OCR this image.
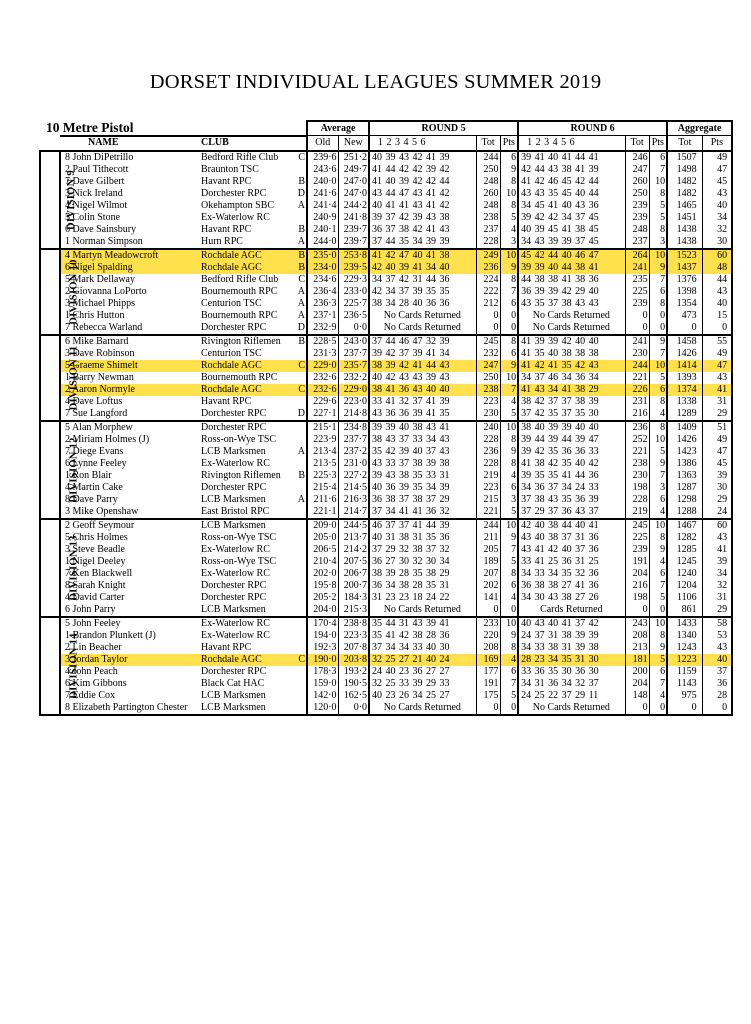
DORSET INDIVIDUAL LEAGUES SUMMER 2019
10 Metre Pistol				Average		ROUND 5			ROUND 6			Aggregate	
	NAME	CLUB		Old	New	1 2 3 4 5 6	Tot	Pts	1 2 3 4 5 6	Tot	Pts	Tot	Pts
DIVISION 9	8 John DiPetrillo	Bedford Rifle Club	C	239·6	251·2	40 39 43 42 41 39	244	6	39 41 40 41 44 41	246	6	1507	49
	2 Paul Tithecott	Braunton TSC		243·6	249·7	41 44 42 42 39 42	250	9	42 44 43 38 41 39	247	7	1498	47
	7 Dave Gilbert	Havant RPC	B	240·0	247·0	41 40 39 42 42 44	248	8	41 42 46 45 42 44	260	10	1482	45
	3 Nick Ireland	Dorchester RPC	D	241·6	247·0	43 44 47 43 41 42	260	10	43 43 35 45 40 44	250	8	1482	43
	4 Nigel Wilmot	Okehampton SBC	A	241·4	244·2	40 41 41 43 41 42	248	8	34 45 41 40 43 36	239	5	1465	40
	5 Colin Stone	Ex-Waterlow RC		240·9	241·8	39 37 42 39 43 38	238	5	39 42 42 34 37 45	239	5	1451	34
	6 Dave Sainsbury	Havant RPC	B	240·1	239·7	36 37 38 42 41 43	237	4	40 39 45 41 38 45	248	8	1438	32
	1 Norman Simpson	Hurn RPC	A	244·0	239·7	37 44 35 34 39 39	228	3	34 43 39 39 37 45	237	3	1438	30
DIVISION 10	4 Martyn Meadowcroft	Rochdale AGC	B	235·0	253·8	41 42 47 40 41 38	249	10	45 42 44 40 46 47	264	10	1523	60
	6 Nigel Spalding	Rochdale AGC	B	234·0	239·5	42 40 39 41 34 40	236	9	39 39 40 44 38 41	241	9	1437	48
	5 Mark Dellaway	Bedford Rifle Club	C	234·6	229·3	34 37 42 31 44 36	224	8	44 38 38 41 38 36	235	7	1376	44
	2 Giovanna LoPorto	Bournemouth RPC	A	236·4	233·0	42 34 37 39 35 35	222	7	36 39 39 42 29 40	225	6	1398	43
	3 Michael Phipps	Centurion TSC	A	236·3	225·7	38 34 28 40 36 36	212	6	43 35 37 38 43 43	239	8	1354	40
	1 Chris Hutton	Bournemouth RPC	A	237·1	236·5	No Cards Returned	0	0	No Cards Returned	0	0	473	15
	7 Rebecca Warland	Dorchester RPC	D	232·9	0·0	No Cards Returned	0	0	No Cards Returned	0	0	0	0
DIVISION 11	6 Mike Barnard	Rivington Riflemen	B	228·5	243·0	37 44 46 47 32 39	245	8	41 39 39 42 40 40	241	9	1458	55
	3 Dave Robinson	Centurion TSC		231·3	237·7	39 42 37 39 41 34	232	6	41 35 40 38 38 38	230	7	1426	49
	5 Graeme Shimelt	Rochdale AGC	C	229·0	235·7	38 39 42 41 44 43	247	9	41 42 41 35 42 43	244	10	1414	47
	1 Barry Newman	Bournemouth RPC		232·6	232·2	40 42 43 43 39 43	250	10	34 37 46 34 36 34	221	5	1393	43
	2 Aaron Normyle	Rochdale AGC	C	232·6	229·0	38 41 36 43 40 40	238	7	41 43 34 41 38 29	226	6	1374	41
	4 Dave Loftus	Havant RPC		229·6	223·0	33 41 32 37 41 39	223	4	38 42 37 37 38 39	231	8	1338	31
	7 Sue Langford	Dorchester RPC	D	227·1	214·8	43 36 36 39 41 35	230	5	37 42 35 37 35 30	216	4	1289	29
DIVISION 12	5 Alan Morphew	Dorchester RPC		215·1	234·8	39 39 40 38 43 41	240	10	38 40 39 39 40 40	236	8	1409	51
	2 Miriam Holmes (J)	Ross-on-Wye TSC		223·9	237·7	38 43 37 33 34 43	228	8	39 44 39 44 39 47	252	10	1426	49
	7 Diege Evans	LCB Marksmen	A	213·4	237·2	35 42 39 40 37 43	236	9	39 42 35 36 36 33	221	5	1423	47
	6 Lynne Feeley	Ex-Waterlow RC		213·5	231·0	43 33 37 38 39 38	228	8	41 38 42 35 40 42	238	9	1386	45
	1 Ron Blair	Rivington Riflemen	B	225·3	227·2	39 43 38 35 33 31	219	4	39 35 35 41 44 36	230	7	1363	39
	4 Martin Cake	Dorchester RPC		215·4	214·5	40 36 39 35 34 39	223	6	34 36 37 34 24 33	198	3	1287	30
	8 Dave Parry	LCB Marksmen	A	211·6	216·3	36 38 37 38 37 29	215	3	37 38 43 35 36 39	228	6	1298	29
	3 Mike Openshaw	East Bristol RPC		221·1	214·7	37 34 41 41 36 32	221	5	37 29 37 36 43 37	219	4	1288	24
DIVISION 13	2 Geoff Seymour	LCB Marksmen		209·0	244·5	46 37 37 41 44 39	244	10	42 40 38 44 40 41	245	10	1467	60
	5 Chris Holmes	Ross-on-Wye TSC		205·0	213·7	40 31 38 31 35 36	211	9	43 40 38 37 31 36	225	8	1282	43
	3 Steve Beadle	Ex-Waterlow RC		206·5	214·2	37 29 32 38 37 32	205	7	43 41 42 40 37 36	239	9	1285	41
	1 Nigel Deeley	Ross-on-Wye TSC		210·4	207·5	36 27 30 32 30 34	189	5	33 41 25 36 31 25	191	4	1245	39
	7 Ken Blackwell	Ex-Waterlow RC		202·0	206·7	38 39 28 35 38 29	207	8	34 33 34 35 32 36	204	6	1240	34
	8 Sarah Knight	Dorchester RPC		195·8	200·7	36 34 38 28 35 31	202	6	36 38 38 27 41 36	216	7	1204	32
	4 David Carter	Dorchester RPC		205·2	184·3	31 23 23 18 24 22	141	4	34 30 43 38 27 26	198	5	1106	31
	6 John Parry	LCB Marksmen		204·0	215·3	No Cards Returned	0	0	Cards Returned	0	0	861	29
DIVISION 14	5 John Feeley	Ex-Waterlow RC		170·4	238·8	35 44 31 43 39 41	233	10	40 43 40 41 37 42	243	10	1433	58
	1 Brandon Plunkett (J)	Ex-Waterlow RC		194·0	223·3	35 41 42 38 28 36	220	9	24 37 31 38 39 39	208	8	1340	53
	2 Lin Beacher	Havant RPC		192·3	207·8	37 34 34 33 40 30	208	8	34 33 38 31 39 38	213	9	1243	43
	3 Jordan Taylor	Rochdale AGC	C	190·0	203·8	32 25 27 21 40 24	169	4	28 23 34 35 31 30	181	5	1223	40
	4 John Peach	Dorchester RPC		178·3	193·2	24 40 23 36 27 27	177	6	33 36 35 30 36 30	200	6	1159	37
	6 Kim Gibbons	Black Cat HAC		159·0	190·5	32 25 33 39 29 33	191	7	34 31 36 34 32 37	204	7	1143	36
	7 Eddie Cox	LCB Marksmen		142·0	162·5	40 23 26 34 25 27	175	5	24 25 22 37 29 11	148	4	975	28
	8 Elizabeth Partington Chester	LCB Marksmen		120·0	0·0	No Cards Returned	0	0	No Cards Returned	0	0	0	0
